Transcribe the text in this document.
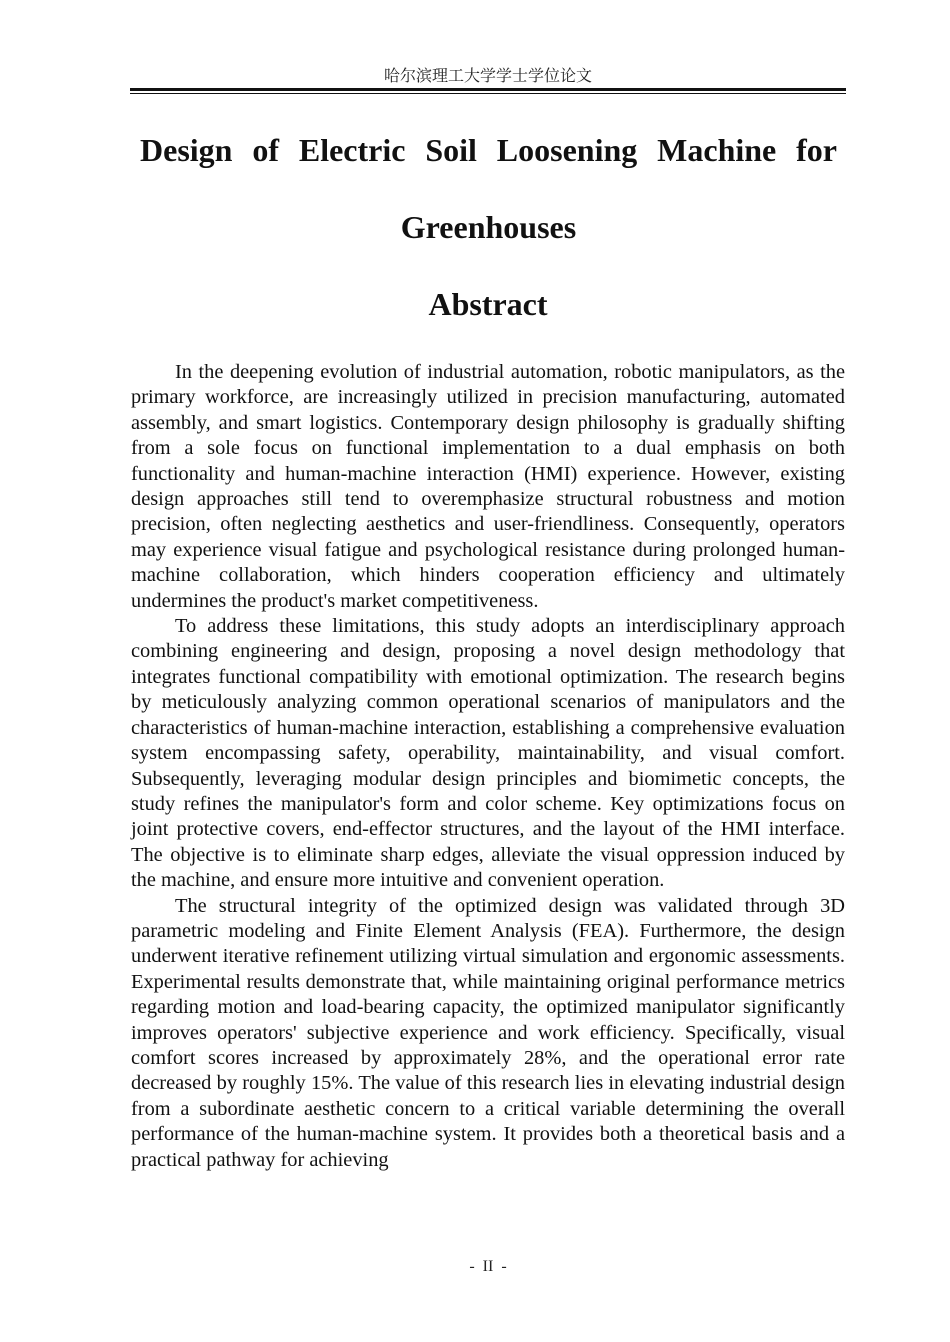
哈尔滨理工大学学士学位论文
Design of Electric Soil Loosening Machine for
Greenhouses
Abstract

In the deepening evolution of industrial automation, robotic manipulators, as the primary workforce, are increasingly utilized in precision manufacturing, automated assembly, and smart logistics. Contemporary design philosophy is gradually shifting from a sole focus on functional implementation to a dual emphasis on both functionality and human-machine interaction (HMI) experience. However, existing design approaches still tend to overemphasize structural robustness and motion precision, often neglecting aesthetics and user-friendliness. Consequently, operators may experience visual fatigue and psychological resistance during prolonged human-machine collaboration, which hinders cooperation efficiency and ultimately undermines the product's market competitiveness.

To address these limitations, this study adopts an interdisciplinary approach combining engineering and design, proposing a novel design methodology that integrates functional compatibility with emotional optimization. The research begins by meticulously analyzing common operational scenarios of manipulators and the characteristics of human-machine interaction, establishing a comprehensive evaluation system encompassing safety, operability, maintainability, and visual comfort. Subsequently, leveraging modular design principles and biomimetic concepts, the study refines the manipulator's form and color scheme. Key optimizations focus on joint protective covers, end-effector structures, and the layout of the HMI interface. The objective is to eliminate sharp edges, alleviate the visual oppression induced by the machine, and ensure more intuitive and convenient operation.

The structural integrity of the optimized design was validated through 3D parametric modeling and Finite Element Analysis (FEA). Furthermore, the design underwent iterative refinement utilizing virtual simulation and ergonomic assessments. Experimental results demonstrate that, while maintaining original performance metrics regarding motion and load-bearing capacity, the optimized manipulator significantly improves operators' subjective experience and work efficiency. Specifically, visual comfort scores increased by approximately 28%, and the operational error rate decreased by roughly 15%. The value of this research lies in elevating industrial design from a subordinate aesthetic concern to a critical variable determining the overall performance of the human-machine system. It provides both a theoretical basis and a practical pathway for achieving

-  II  -
